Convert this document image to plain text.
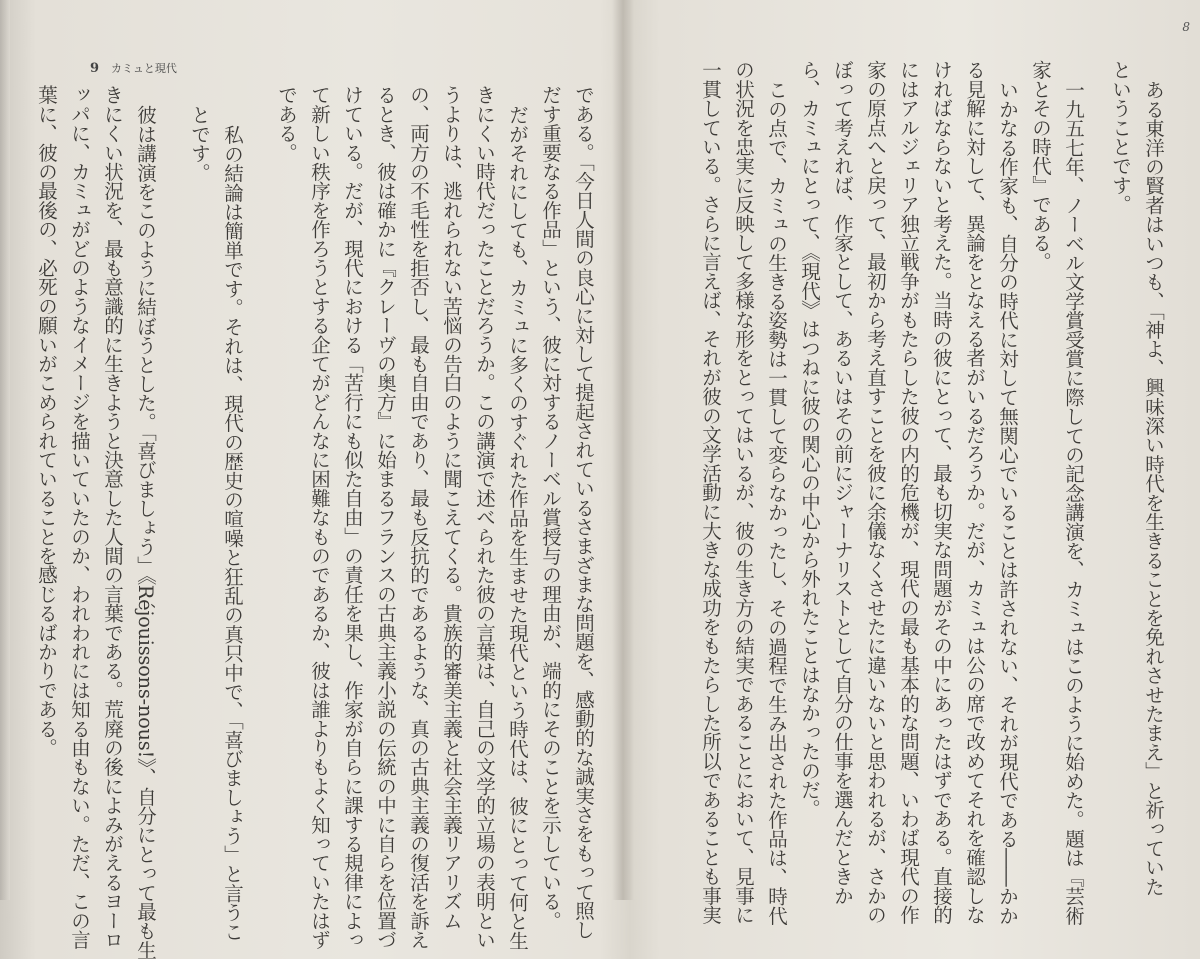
9 カミュと現代
8
ある東洋の賢者はいつも、「神よ、興味深い時代を生きることを免れさせたまえ」と祈っていた
ということです。
一九五七年、ノーベル文学賞受賞に際しての記念講演を、カミュはこのように始めた。題は『芸術
家とその時代』である。
いかなる作家も、自分の時代に対して無関心でいることは許されない、それが現代である――かか
る見解に対して、異論をとなえる者がいるだろうか。だが、カミュは公の席で改めてそれを確認しな
ければならないと考えた。当時の彼にとって、最も切実な問題がその中にあったはずである。直接的
にはアルジェリア独立戦争がもたらした彼の内的危機が、現代の最も基本的な問題、いわば現代の作
家の原点へと戻って、最初から考え直すことを彼に余儀なくさせたに違いないと思われるが、さかの
ぼって考えれば、作家として、あるいはその前にジャーナリストとして自分の仕事を選んだときか
ら、カミュにとって、《現代》はつねに彼の関心の中心から外れたことはなかったのだ。
この点で、カミュの生きる姿勢は一貫して変らなかったし、その過程で生み出された作品は、時代
の状況を忠実に反映して多様な形をとってはいるが、彼の生き方の結実であることにおいて、見事に
一貫している。さらに言えば、それが彼の文学活動に大きな成功をもたらした所以であることも事実
である。「今日人間の良心に対して提起されているさまざまな問題を、感動的な誠実さをもって照し
だす重要なる作品」という、彼に対するノーベル賞授与の理由が、端的にそのことを示している。
だがそれにしても、カミュに多くのすぐれた作品を生ませた現代という時代は、彼にとって何と生
きにくい時代だったことだろうか。この講演で述べられた彼の言葉は、自己の文学的立場の表明とい
うよりは、逃れられない苦悩の告白のように聞こえてくる。貴族的審美主義と社会主義リアリズム
の、両方の不毛性を拒否し、最も自由であり、最も反抗的であるような、真の古典主義の復活を訴え
るとき、彼は確かに『クレーヴの奥方』に始まるフランスの古典主義小説の伝統の中に自らを位置づ
けている。だが、現代における「苦行にも似た自由」の責任を果し、作家が自らに課する規律によっ
て新しい秩序を作ろうとする企てがどんなに困難なものであるか、彼は誰よりもよく知っていたはず
である。
私の結論は簡単です。それは、現代の歴史の喧噪と狂乱の真只中で、「喜びましょう」と言うこ
とです。
彼は講演をこのように結ぼうとした。「喜びましょう」《Réjouissons-nous!》、自分にとって最も生
きにくい状況を、最も意識的に生きようと決意した人間の言葉である。荒廃の後によみがえるヨーロ
ッパに、カミュがどのようなイメージを描いていたのか、われわれには知る由もない。ただ、この言
葉に、彼の最後の、必死の願いがこめられていることを感じるばかりである。
